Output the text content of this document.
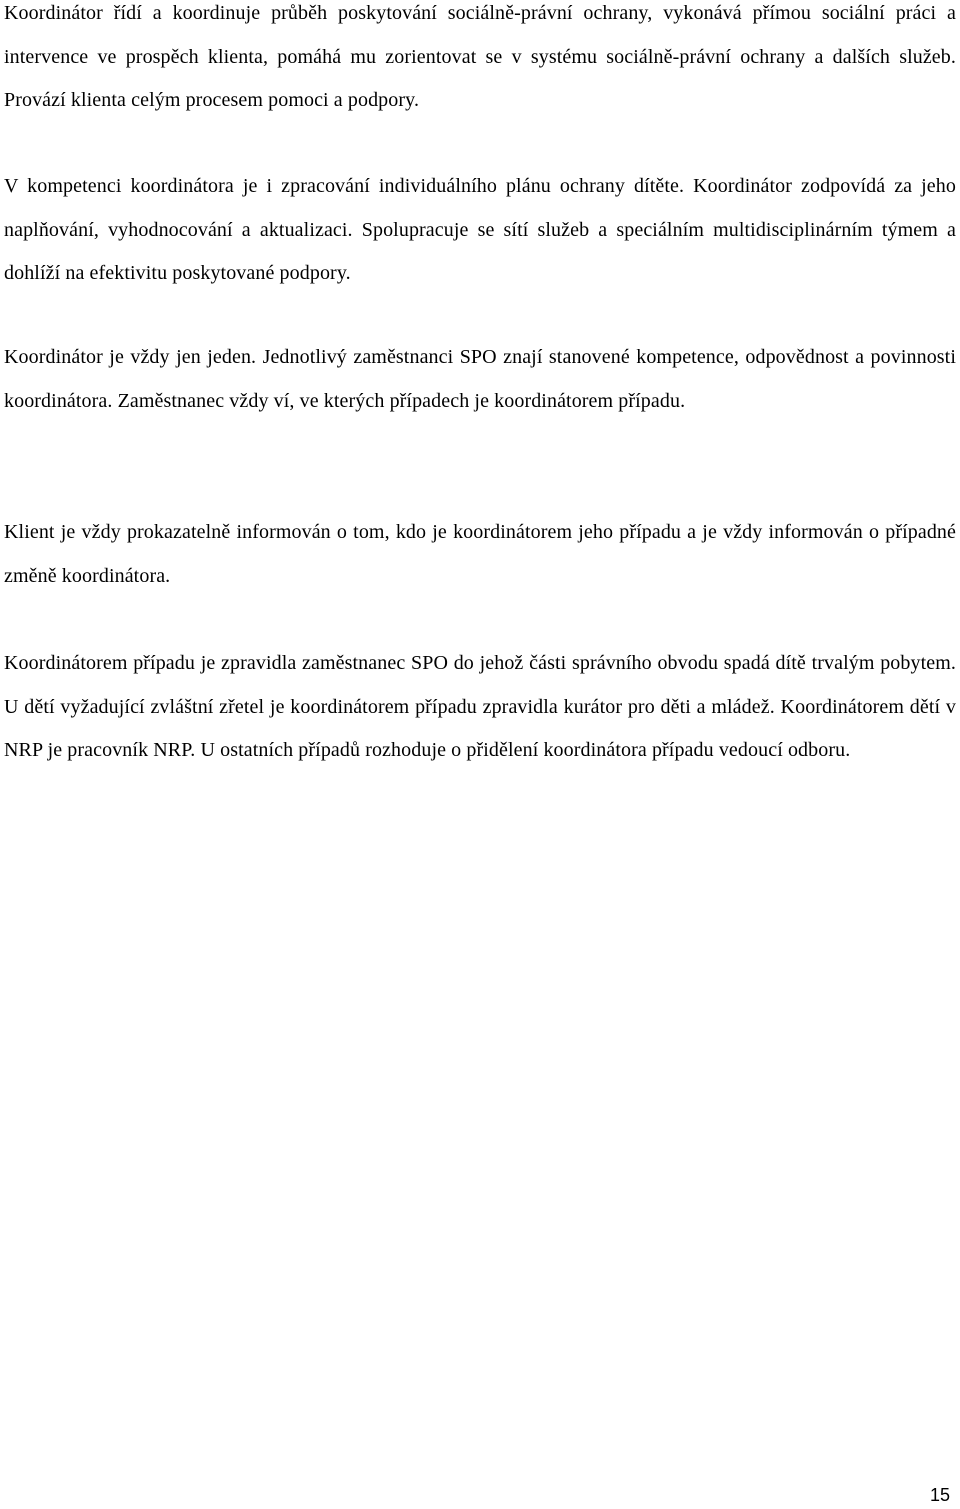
Koordinátor řídí a koordinuje průběh poskytování sociálně-právní ochrany, vykonává přímou sociální práci a intervence ve prospěch klienta, pomáhá mu zorientovat se v systému sociálně-právní ochrany a dalších služeb. Provází klienta celým procesem pomoci a podpory.

V kompetenci koordinátora je i zpracování individuálního plánu ochrany dítěte. Koordinátor zodpovídá za jeho naplňování, vyhodnocování a aktualizaci. Spolupracuje se sítí služeb a speciálním multidisciplinárním týmem a dohlíží na efektivitu poskytované podpory.

Koordinátor je vždy jen jeden. Jednotlivý zaměstnanci SPO znají stanovené kompetence, odpovědnost a povinnosti koordinátora. Zaměstnanec vždy ví, ve kterých případech je koordinátorem případu.

Klient je vždy prokazatelně informován o tom, kdo je koordinátorem jeho případu a je vždy informován o případné změně koordinátora.

Koordinátorem případu je zpravidla zaměstnanec SPO do jehož části správního obvodu spadá dítě trvalým pobytem. U dětí vyžadující zvláštní zřetel je koordinátorem případu zpravidla kurátor pro děti a mládež. Koordinátorem dětí v NRP je pracovník NRP. U ostatních případů rozhoduje o přidělení koordinátora případu vedoucí odboru.

15
